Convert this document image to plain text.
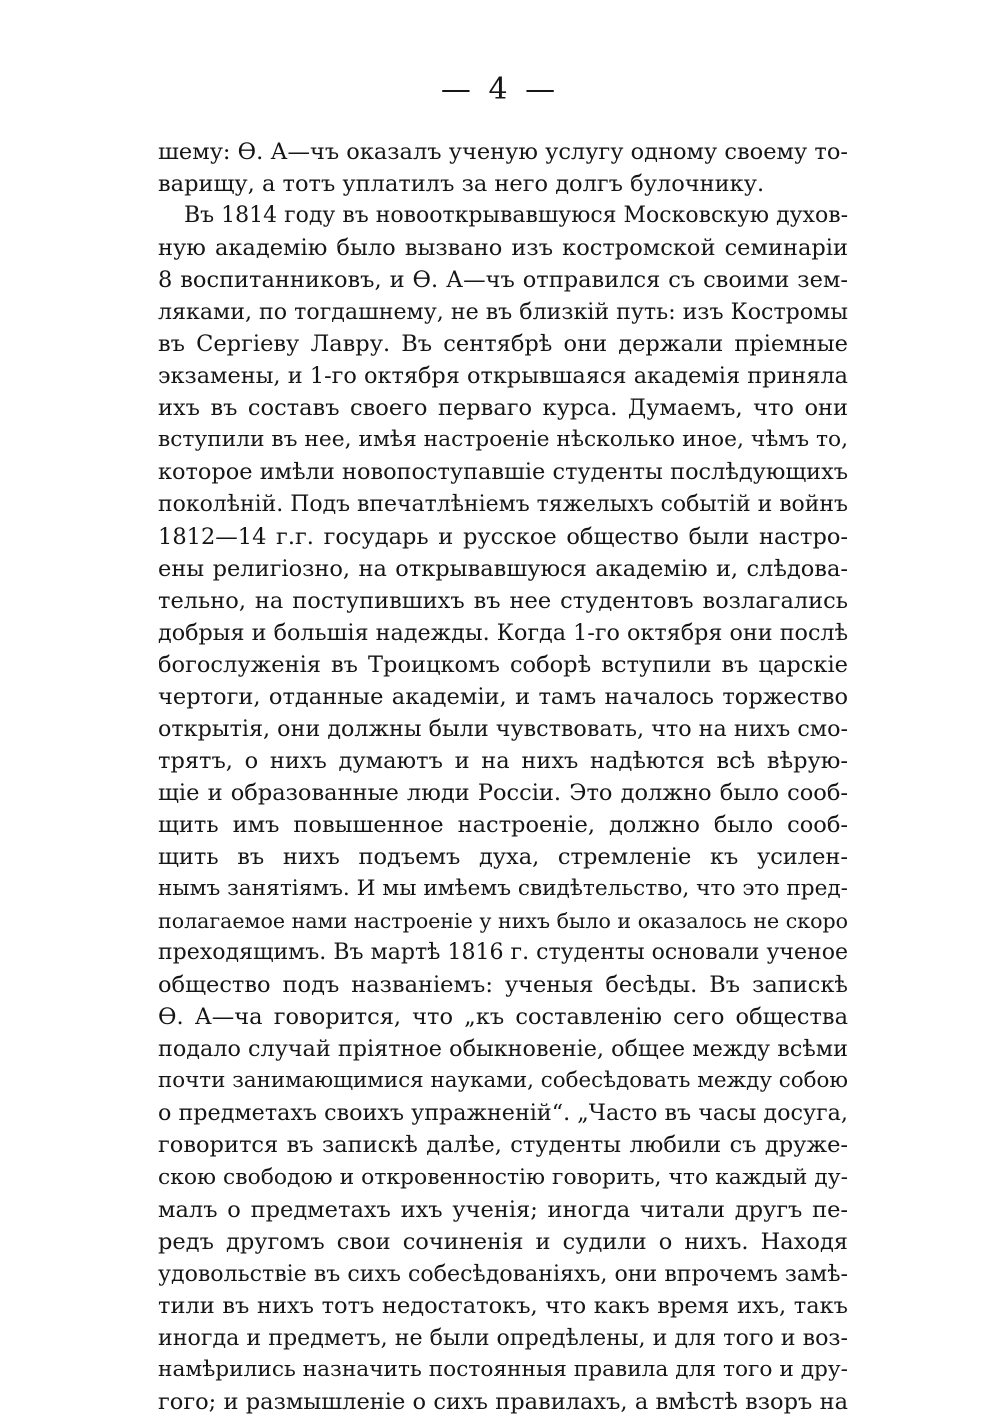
— 4 —
шему: Ѳ. А—чъ оказалъ ученую услугу одному своему то-
варищу, а тотъ уплатилъ за него долгъ булочнику.
Въ 1814 году въ новооткрывавшуюся Московскую духов-
ную академію было вызвано изъ костромской семинаріи
8 воспитанниковъ, и Ѳ. А—чъ отправился съ своими зем-
ляками, по тогдашнему, не въ близкій путь: изъ Костромы
въ Сергіеву Лавру. Въ сентябрѣ они держали пріемные
экзамены, и 1-го октября открывшаяся академія приняла
ихъ въ составъ своего перваго курса. Думаемъ, что они
вступили въ нее, имѣя настроеніе нѣсколько иное, чѣмъ то,
которое имѣли новопоступавшіе студенты послѣдующихъ
поколѣній. Подъ впечатлѣніемъ тяжелыхъ событій и войнъ
1812—14 г.г. государь и русское общество были настро-
ены религіозно, на открывавшуюся академію и, слѣдова-
тельно, на поступившихъ въ нее студентовъ возлагались
добрыя и большія надежды. Когда 1-го октября они послѣ
богослуженія въ Троицкомъ соборѣ вступили въ царскіе
чертоги, отданные академіи, и тамъ началось торжество
открытія, они должны были чувствовать, что на нихъ смо-
трятъ, о нихъ думаютъ и на нихъ надѣются всѣ вѣрую-
щіе и образованные люди Россіи. Это должно было сооб-
щить имъ повышенное настроеніе, должно было сооб-
щить въ нихъ подъемъ духа, стремленіе къ усилен-
нымъ занятіямъ. И мы имѣемъ свидѣтельство, что это пред-
полагаемое нами настроеніе у нихъ было и оказалось не скоро
преходящимъ. Въ мартѣ 1816 г. студенты основали ученое
общество подъ названіемъ: ученыя бесѣды. Въ запискѣ
Ѳ. А—ча говорится, что „къ составленію сего общества
подало случай пріятное обыкновеніе, общее между всѣми
почти занимающимися науками, собесѣдовать между собою
о предметахъ своихъ упражненій“. „Часто въ часы досуга,
говорится въ запискѣ далѣе, студенты любили съ друже-
скою свободою и откровенностію говорить, что каждый ду-
малъ о предметахъ ихъ ученія; иногда читали другъ пе-
редъ другомъ свои сочиненія и судили о нихъ. Находя
удовольствіе въ сихъ собесѣдованіяхъ, они впрочемъ замѣ-
тили въ нихъ тотъ недостатокъ, что какъ время ихъ, такъ
иногда и предметъ, не были опредѣлены, и для того и воз-
намѣрились назначить постоянныя правила для того и дру-
гого; и размышленіе о сихъ правилахъ, а вмѣстѣ взоръ на
